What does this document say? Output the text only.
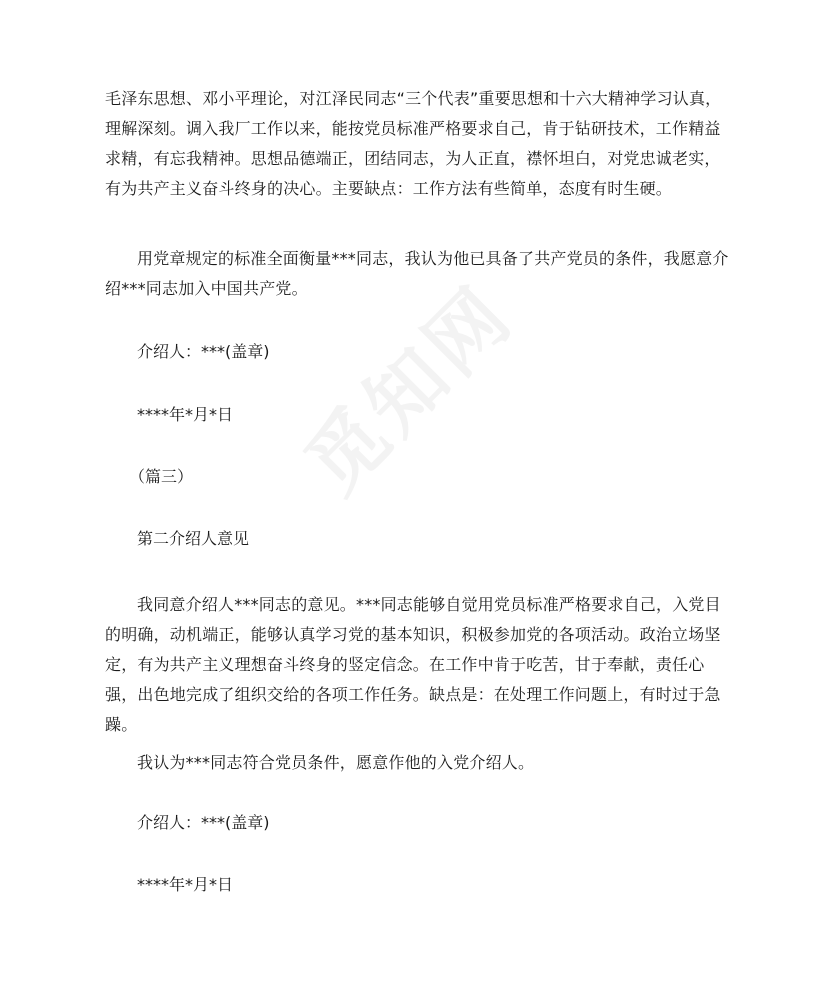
毛泽东思想、邓小平理论，对江泽民同志“三个代表”重要思想和十六大精神学习认真，理解深刻。调入我厂工作以来，能按党员标准严格要求自己，肯于钻研技术，工作精益求精，有忘我精神。思想品德端正，团结同志，为人正直，襟怀坦白，对党忠诚老实，有为共产主义奋斗终身的决心。主要缺点：工作方法有些简单，态度有时生硬。

用党章规定的标准全面衡量***同志，我认为他已具备了共产党员的条件，我愿意介绍***同志加入中国共产党。

介绍人：***(盖章)

****年*月*日

（篇三）

第二介绍人意见

我同意介绍人***同志的意见。***同志能够自觉用党员标准严格要求自己，入党目的明确，动机端正，能够认真学习党的基本知识，积极参加党的各项活动。政治立场坚定，有为共产主义理想奋斗终身的竖定信念。在工作中肯于吃苦，甘于奉献，责任心强，出色地完成了组织交给的各项工作任务。缺点是：在处理工作问题上，有时过于急躁。

我认为***同志符合党员条件，愿意作他的入党介绍人。

介绍人：***(盖章)

****年*月*日

觅知网
